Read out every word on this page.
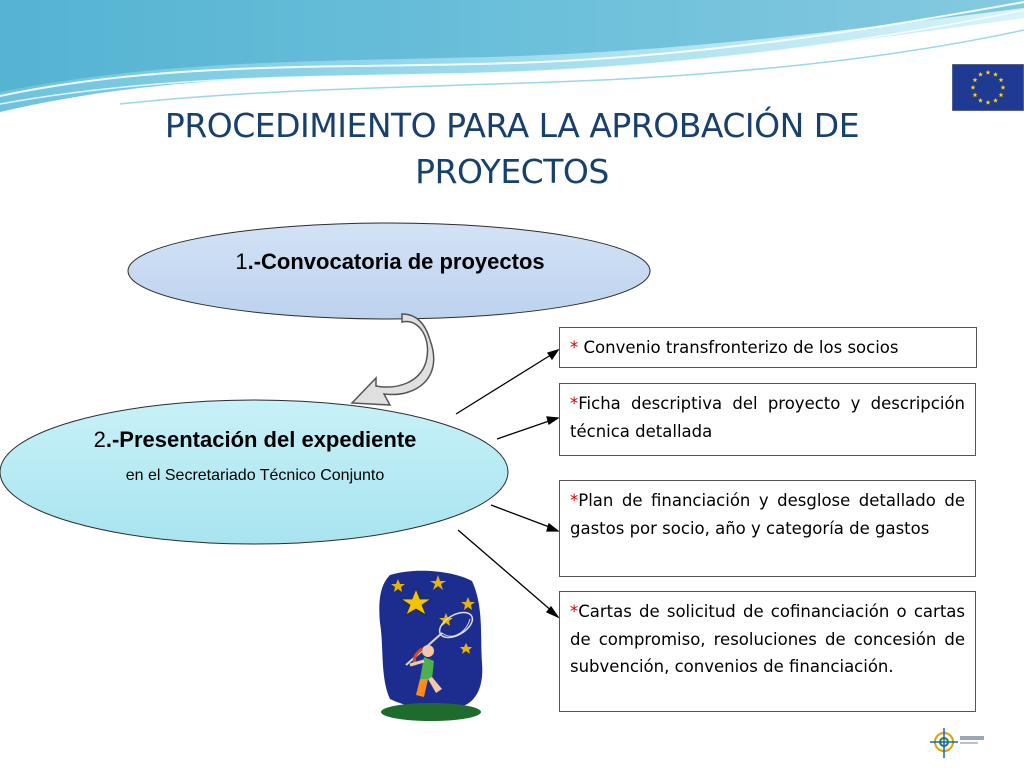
PROCEDIMIENTO PARA LA APROBACIÓN DE
PROYECTOS
1.-Convocatoria de proyectos
2.-Presentación del expediente
en el Secretariado Técnico Conjunto
* Convenio transfronterizo de los socios
*Ficha descriptiva del proyecto y descripción técnica detallada
*Plan de financiación y desglose detallado de gastos por socio, año y categoría de gastos
*Cartas de solicitud de cofinanciación o cartas de compromiso, resoluciones de concesión de subvención, convenios de financiación.
